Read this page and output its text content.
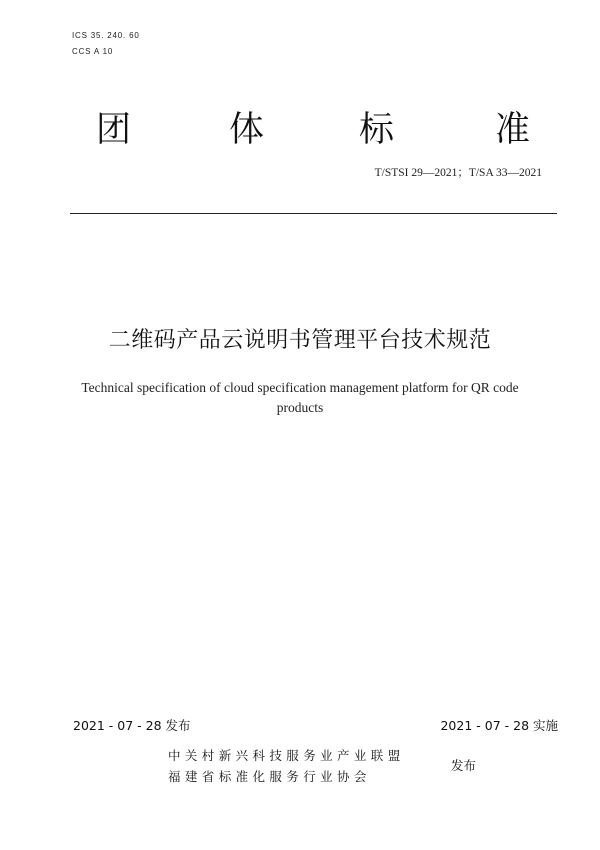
ICS 35. 240. 60
CCS A 10
团	体	标	准
T/STSI 29—2021；T/SA 33—2021
二维码产品云说明书管理平台技术规范
Technical specification of cloud specification management platform for QR code products
2021 - 07 - 28 发布	2021 - 07 - 28 实施
中关村新兴科技服务业产业联盟
福建省标准化服务行业协会
发布
